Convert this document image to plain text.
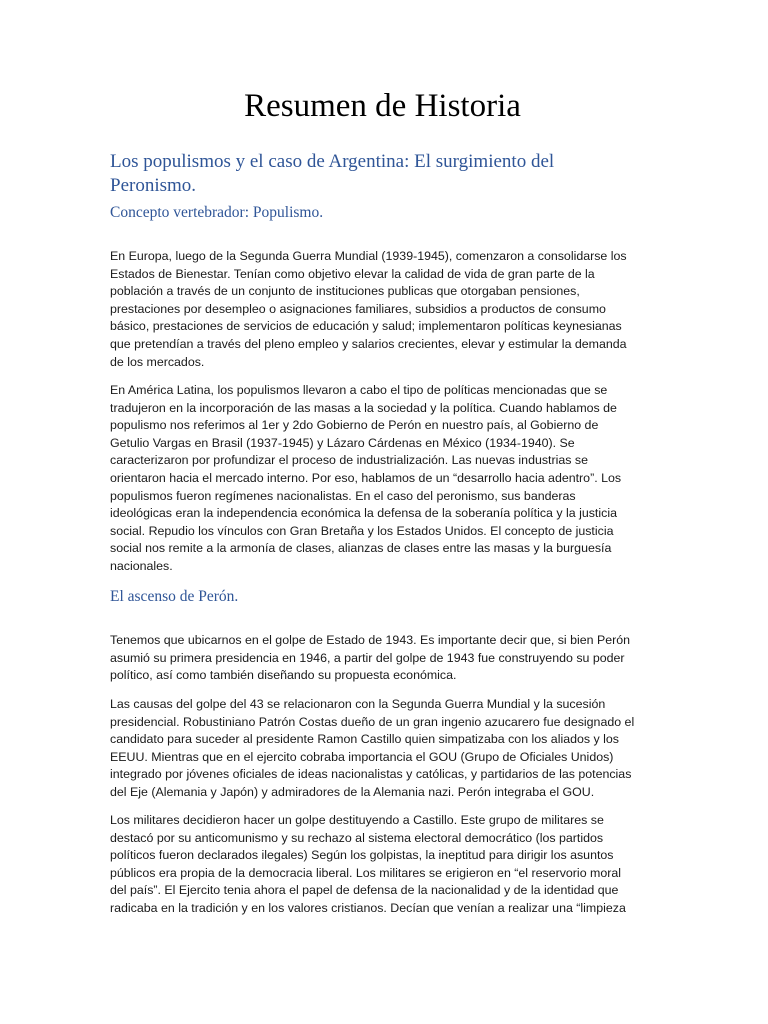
Resumen de Historia
Los populismos y el caso de Argentina: El surgimiento del
Peronismo.
Concepto vertebrador: Populismo.

En Europa, luego de la Segunda Guerra Mundial (1939-1945), comenzaron a consolidarse los
Estados de Bienestar. Tenían como objetivo elevar la calidad de vida de gran parte de la
población a través de un conjunto de instituciones publicas que otorgaban pensiones,
prestaciones por desempleo o asignaciones familiares, subsidios a productos de consumo
básico, prestaciones de servicios de educación y salud; implementaron políticas keynesianas
que pretendían a través del pleno empleo y salarios crecientes, elevar y estimular la demanda
de los mercados.

En América Latina, los populismos llevaron a cabo el tipo de políticas mencionadas que se
tradujeron en la incorporación de las masas a la sociedad y la política. Cuando hablamos de
populismo nos referimos al 1er y 2do Gobierno de Perón en nuestro país, al Gobierno de
Getulio Vargas en Brasil (1937-1945) y Lázaro Cárdenas en México (1934-1940). Se
caracterizaron por profundizar el proceso de industrialización. Las nuevas industrias se
orientaron hacia el mercado interno. Por eso, hablamos de un “desarrollo hacia adentro”. Los
populismos fueron regímenes nacionalistas. En el caso del peronismo, sus banderas
ideológicas eran la independencia económica la defensa de la soberanía política y la justicia
social. Repudio los vínculos con Gran Bretaña y los Estados Unidos. El concepto de justicia
social nos remite a la armonía de clases, alianzas de clases entre las masas y la burguesía
nacionales.

El ascenso de Perón.

Tenemos que ubicarnos en el golpe de Estado de 1943. Es importante decir que, si bien Perón
asumió su primera presidencia en 1946, a partir del golpe de 1943 fue construyendo su poder
político, así como también diseñando su propuesta económica.

Las causas del golpe del 43 se relacionaron con la Segunda Guerra Mundial y la sucesión
presidencial. Robustiniano Patrón Costas dueño de un gran ingenio azucarero fue designado el
candidato para suceder al presidente Ramon Castillo quien simpatizaba con los aliados y los
EEUU. Mientras que en el ejercito cobraba importancia el GOU (Grupo de Oficiales Unidos)
integrado por jóvenes oficiales de ideas nacionalistas y católicas, y partidarios de las potencias
del Eje (Alemania y Japón) y admiradores de la Alemania nazi. Perón integraba el GOU.

Los militares decidieron hacer un golpe destituyendo a Castillo. Este grupo de militares se
destacó por su anticomunismo y su rechazo al sistema electoral democrático (los partidos
políticos fueron declarados ilegales) Según los golpistas, la ineptitud para dirigir los asuntos
públicos era propia de la democracia liberal. Los militares se erigieron en “el reservorio moral
del país”. El Ejercito tenia ahora el papel de defensa de la nacionalidad y de la identidad que
radicaba en la tradición y en los valores cristianos. Decían que venían a realizar una “limpieza
